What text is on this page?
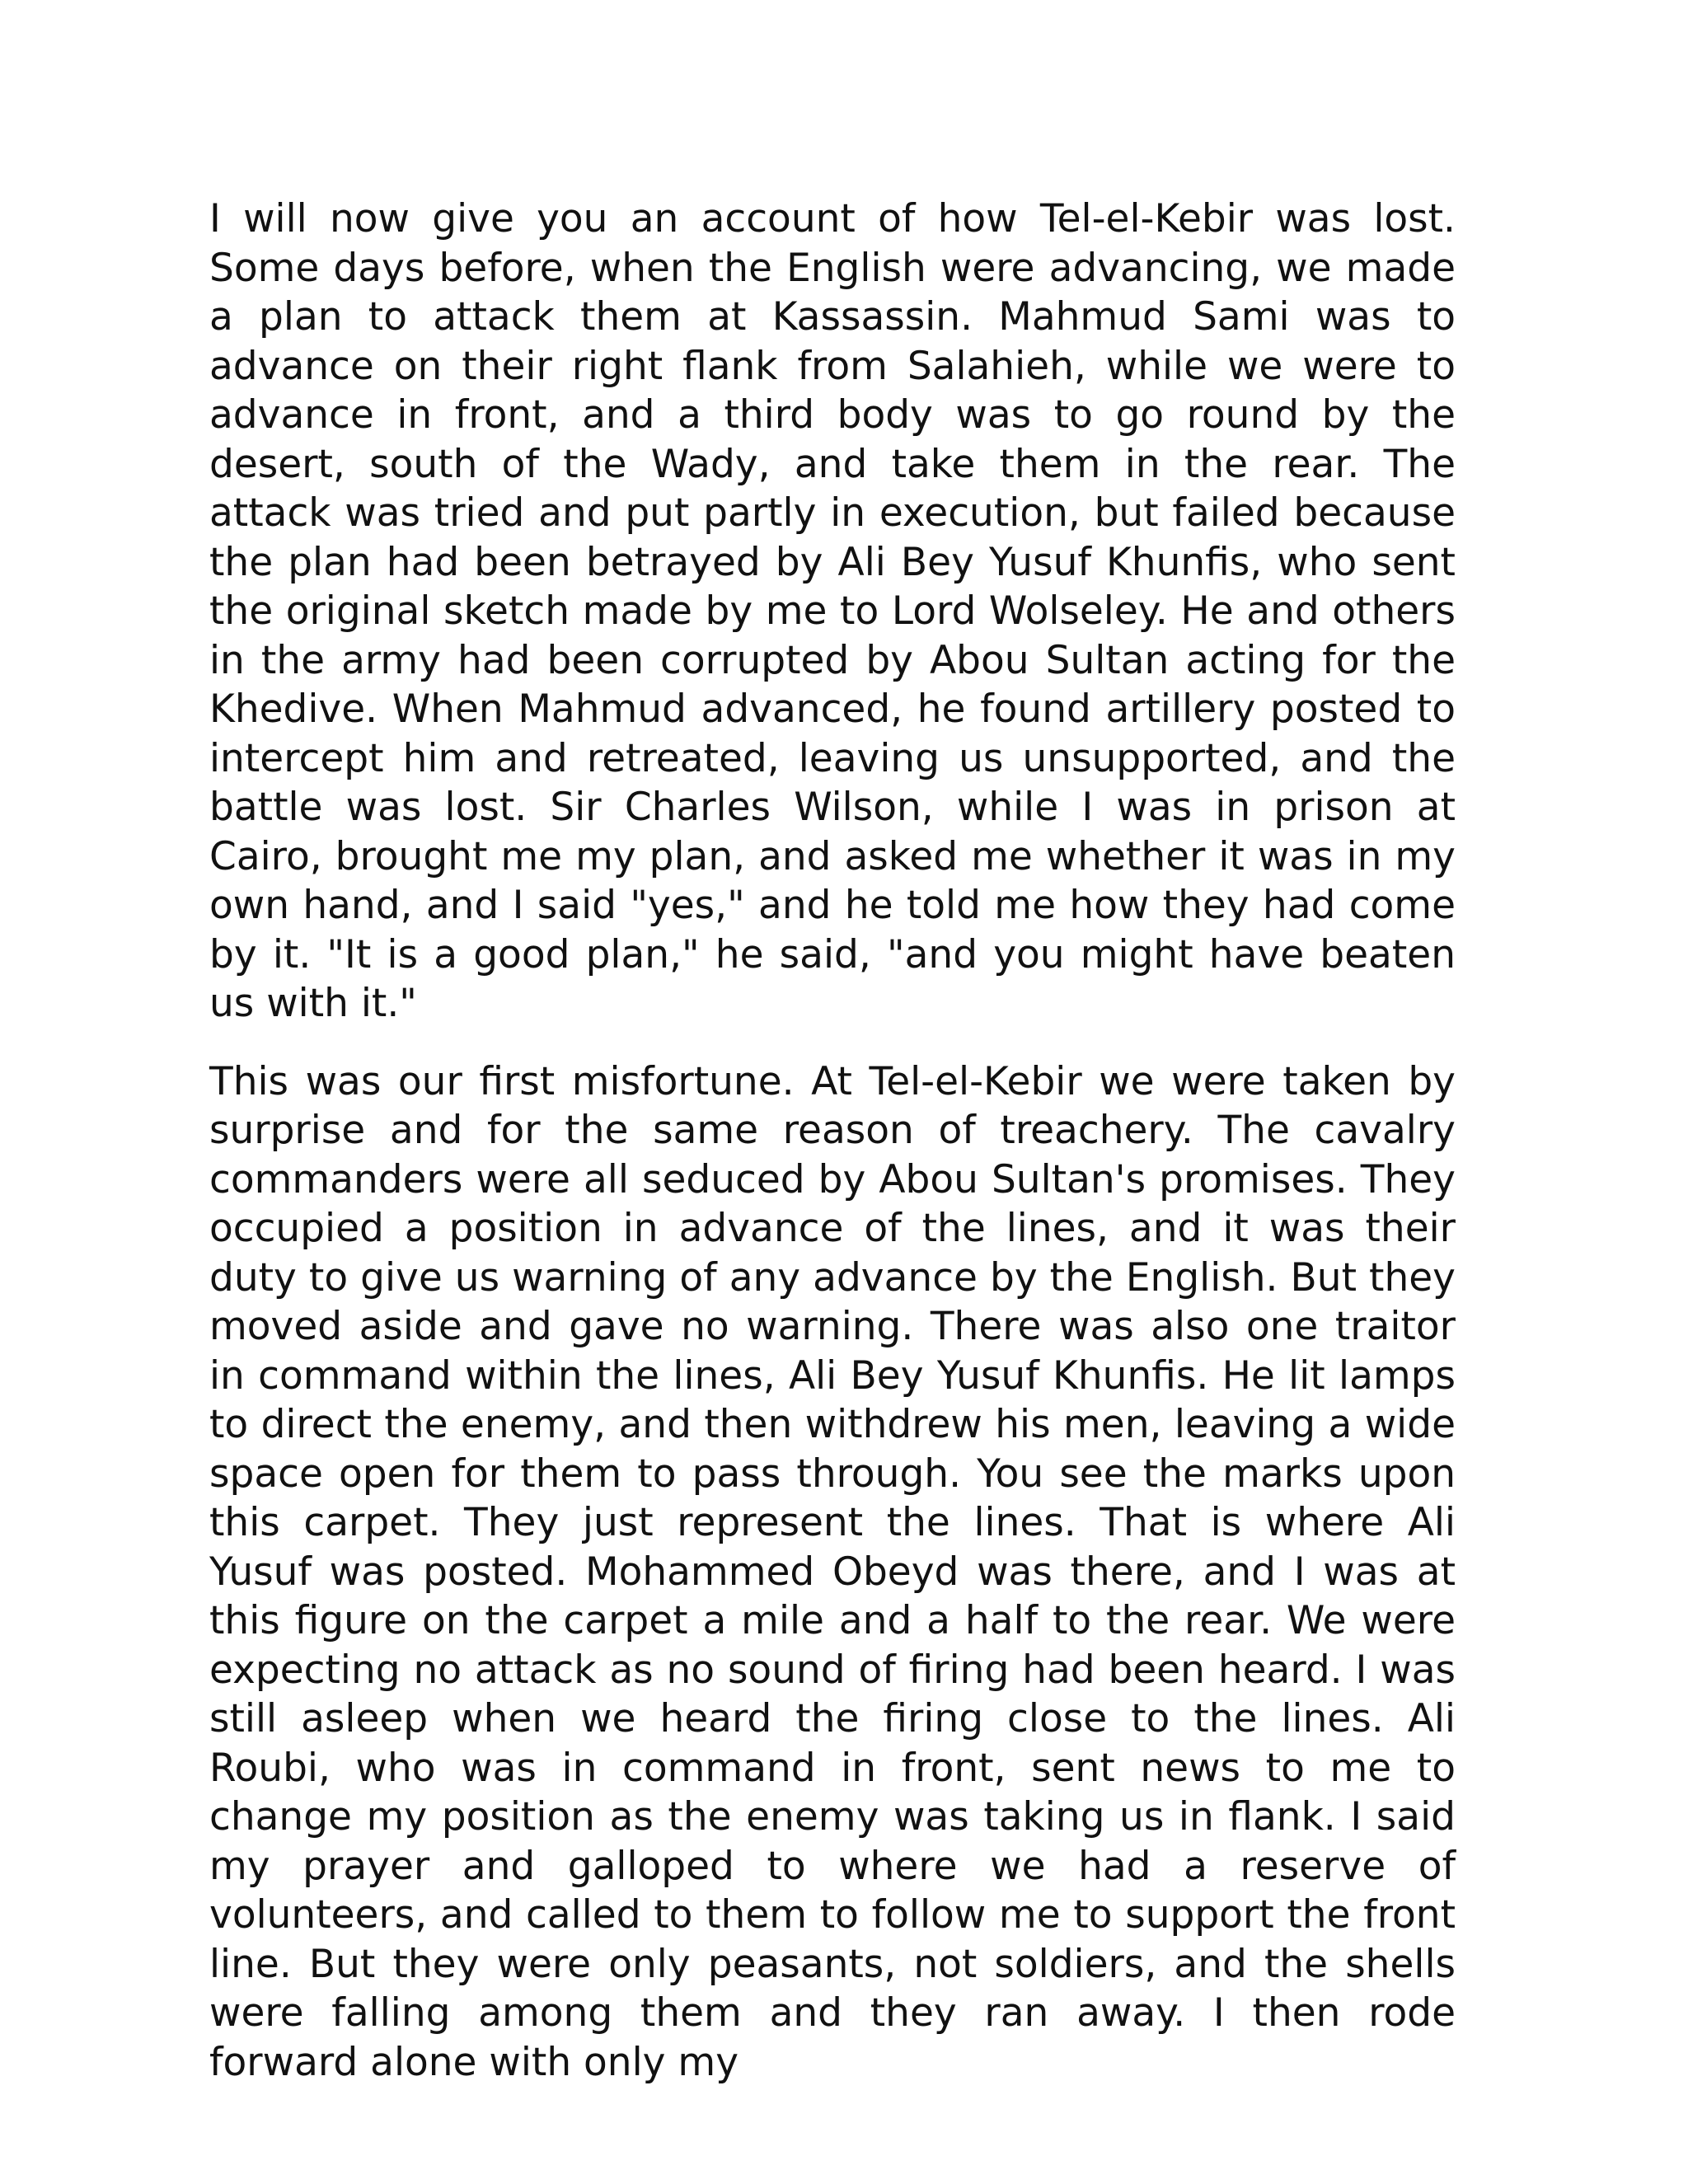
I will now give you an account of how Tel-el-Kebir was lost. Some days before, when the English were advancing, we made a plan to attack them at Kassassin. Mahmud Sami was to advance on their right flank from Salahieh, while we were to advance in front, and a third body was to go round by the desert, south of the Wady, and take them in the rear. The attack was tried and put partly in execution, but failed because the plan had been betrayed by Ali Bey Yusuf Khunfis, who sent the original sketch made by me to Lord Wolseley. He and others in the army had been corrupted by Abou Sultan acting for the Khedive. When Mahmud advanced, he found artillery posted to intercept him and retreated, leaving us unsupported, and the battle was lost. Sir Charles Wilson, while I was in prison at Cairo, brought me my plan, and asked me whether it was in my own hand, and I said "yes," and he told me how they had come by it. "It is a good plan," he said, "and you might have beaten us with it."

This was our first misfortune. At Tel-el-Kebir we were taken by surprise and for the same reason of treachery. The cavalry commanders were all seduced by Abou Sultan's promises. They occupied a position in advance of the lines, and it was their duty to give us warning of any advance by the English. But they moved aside and gave no warning. There was also one traitor in command within the lines, Ali Bey Yusuf Khunfis. He lit lamps to direct the enemy, and then withdrew his men, leaving a wide space open for them to pass through. You see the marks upon this carpet. They just represent the lines. That is where Ali Yusuf was posted. Mohammed Obeyd was there, and I was at this figure on the carpet a mile and a half to the rear. We were expecting no attack as no sound of firing had been heard. I was still asleep when we heard the firing close to the lines. Ali Roubi, who was in command in front, sent news to me to change my position as the enemy was taking us in flank. I said my prayer and galloped to where we had a reserve of volunteers, and called to them to follow me to support the front line. But they were only peasants, not soldiers, and the shells were falling among them and they ran away. I then rode forward alone with only my
